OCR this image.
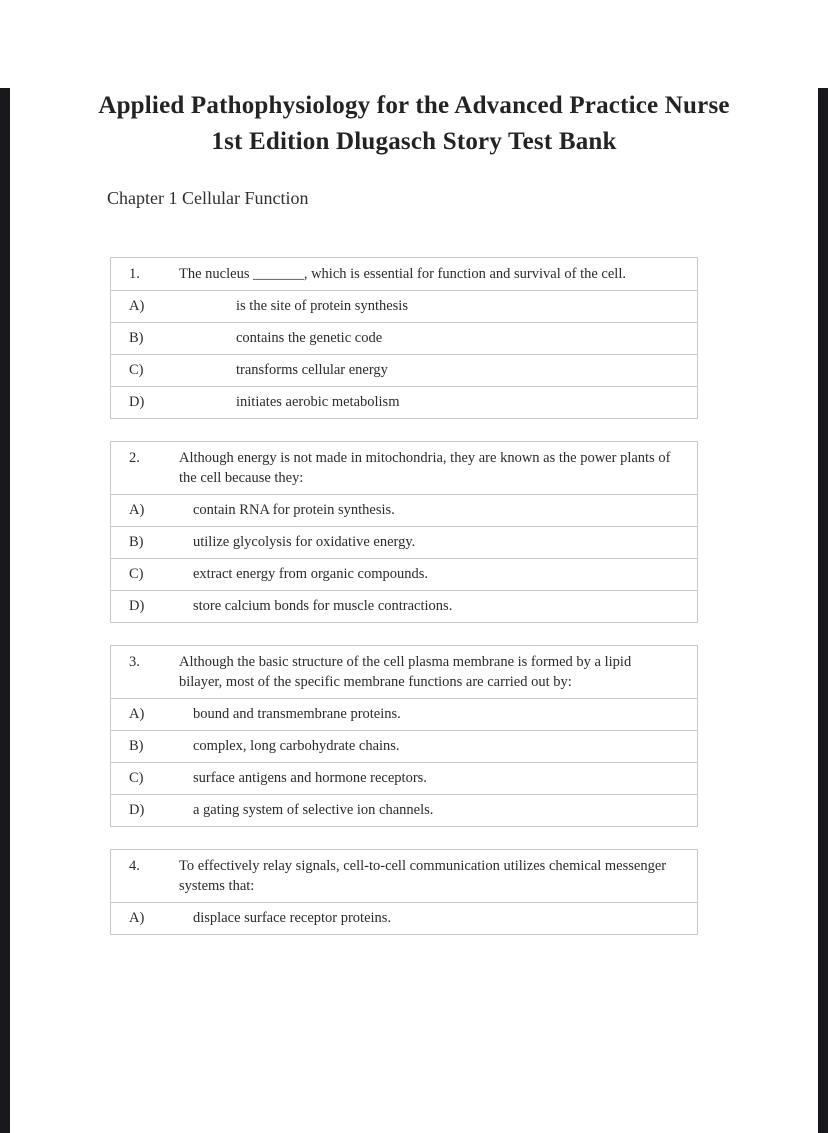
Applied Pathophysiology for the Advanced Practice Nurse
1st Edition Dlugasch Story Test Bank
Chapter 1 Cellular Function
1.	The nucleus _______, which is essential for function and survival of the cell.
A)	is the site of protein synthesis
B)	contains the genetic code
C)	transforms cellular energy
D)	initiates aerobic metabolism
2.	Although energy is not made in mitochondria, they are known as the power plants of the cell because they:
A)	contain RNA for protein synthesis.
B)	utilize glycolysis for oxidative energy.
C)	extract energy from organic compounds.
D)	store calcium bonds for muscle contractions.
3.	Although the basic structure of the cell plasma membrane is formed by a lipid bilayer, most of the specific membrane functions are carried out by:
A)	bound and transmembrane proteins.
B)	complex, long carbohydrate chains.
C)	surface antigens and hormone receptors.
D)	a gating system of selective ion channels.
4.	To effectively relay signals, cell-to-cell communication utilizes chemical messenger systems that:
A)	displace surface receptor proteins.
